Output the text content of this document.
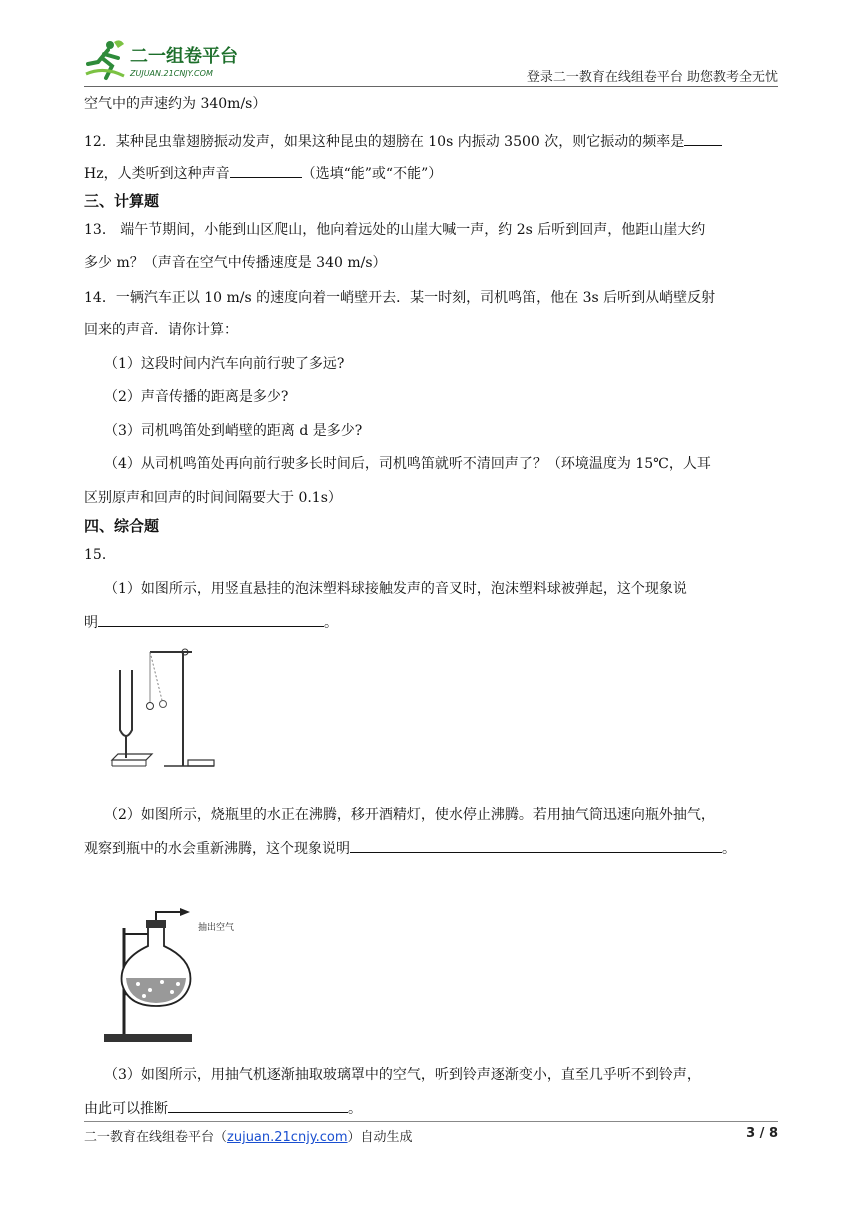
二一组卷平台
ZUJUAN.21CNJY.COM	登录二一教育在线组卷平台 助您教考全无忧
空气中的声速约为 340m/s）
12．某种昆虫靠翅膀振动发声，如果这种昆虫的翅膀在 10s 内振动 3500 次，则它振动的频率是
Hz，人类听到这种声音	（选填“能”或“不能”）
三、计算题
13． 端午节期间，小能到山区爬山，他向着远处的山崖大喊一声，约 2s 后听到回声，他距山崖大约
多少 m？（声音在空气中传播速度是 340 m/s）
14．一辆汽车正以 10 m/s 的速度向着一峭壁开去．某一时刻，司机鸣笛，他在 3s 后听到从峭壁反射
回来的声音．请你计算：
（1）这段时间内汽车向前行驶了多远?
（2）声音传播的距离是多少?
（3）司机鸣笛处到峭壁的距离 d 是多少?
（4）从司机鸣笛处再向前行驶多长时间后，司机鸣笛就听不清回声了？（环境温度为 15℃，人耳
区别原声和回声的时间间隔要大于 0.1s）
四、综合题
15．
（1）如图所示，用竖直悬挂的泡沫塑料球接触发声的音叉时，泡沫塑料球被弹起，这个现象说
明	。
（2）如图所示，烧瓶里的水正在沸腾，移开酒精灯，使水停止沸腾。若用抽气筒迅速向瓶外抽气，
观察到瓶中的水会重新沸腾，这个现象说明	。
抽出空气
（3）如图所示，用抽气机逐渐抽取玻璃罩中的空气，听到铃声逐渐变小，直至几乎听不到铃声，
由此可以推断	。
二一教育在线组卷平台（zujuan.21cnjy.com）自动生成	3 / 8
